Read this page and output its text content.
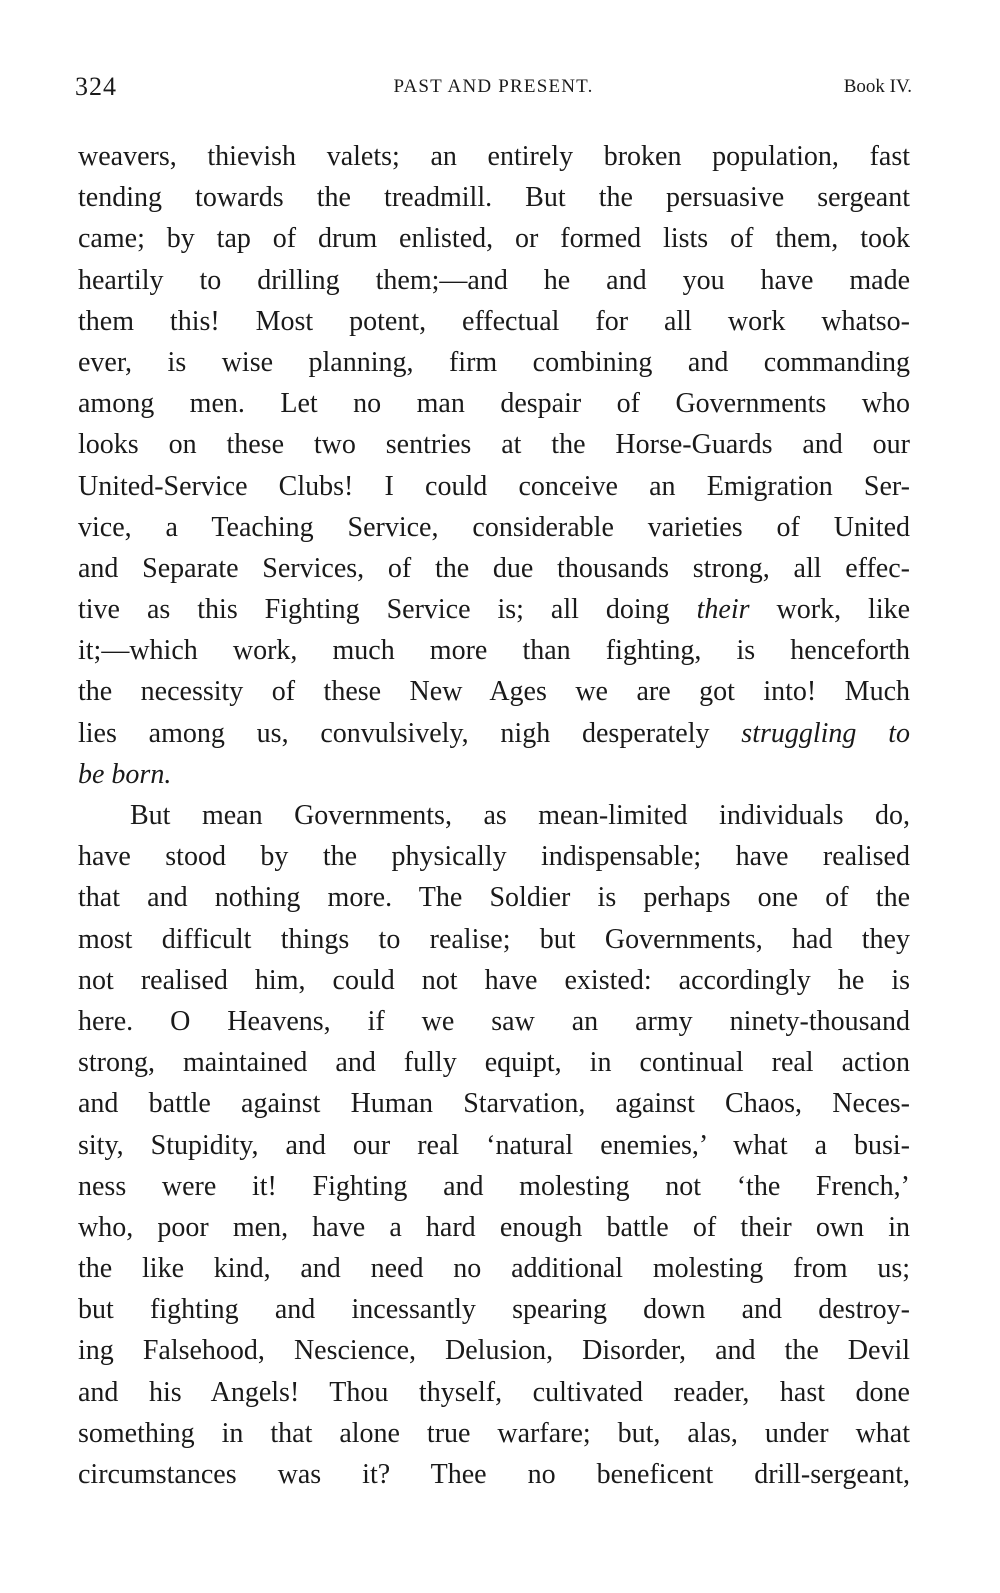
324	PAST AND PRESENT.	Book IV.
weavers, thievish valets; an entirely broken population, fast
tending towards the treadmill. But the persuasive sergeant
came; by tap of drum enlisted, or formed lists of them, took
heartily to drilling them;—and he and you have made
them this! Most potent, effectual for all work whatso-
ever, is wise planning, firm combining and commanding
among men. Let no man despair of Governments who
looks on these two sentries at the Horse-Guards and our
United-Service Clubs! I could conceive an Emigration Ser-
vice, a Teaching Service, considerable varieties of United
and Separate Services, of the due thousands strong, all effec-
tive as this Fighting Service is; all doing their work, like
it;—which work, much more than fighting, is henceforth
the necessity of these New Ages we are got into! Much
lies among us, convulsively, nigh desperately struggling to
be born.
But mean Governments, as mean-limited individuals do,
have stood by the physically indispensable; have realised
that and nothing more. The Soldier is perhaps one of the
most difficult things to realise; but Governments, had they
not realised him, could not have existed: accordingly he is
here. O Heavens, if we saw an army ninety-thousand
strong, maintained and fully equipt, in continual real action
and battle against Human Starvation, against Chaos, Neces-
sity, Stupidity, and our real ‘natural enemies,’ what a busi-
ness were it! Fighting and molesting not ‘the French,’
who, poor men, have a hard enough battle of their own in
the like kind, and need no additional molesting from us;
but fighting and incessantly spearing down and destroy-
ing Falsehood, Nescience, Delusion, Disorder, and the Devil
and his Angels! Thou thyself, cultivated reader, hast done
something in that alone true warfare; but, alas, under what
circumstances was it? Thee no beneficent drill-sergeant,
